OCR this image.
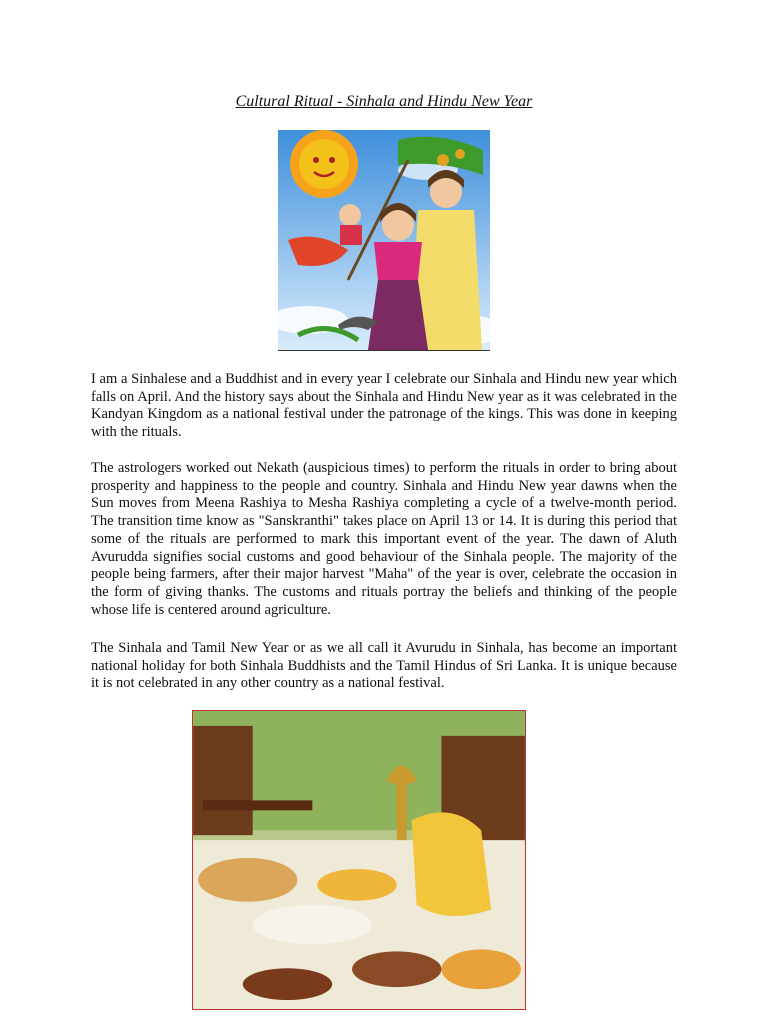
Cultural Ritual - Sinhala and Hindu New Year

I am a Sinhalese and a Buddhist and in every year I celebrate our Sinhala and Hindu new year which falls on April. And the history says about the Sinhala and Hindu New year as it was celebrated in the Kandyan Kingdom as a national festival under the patronage of the kings. This was done in keeping with the rituals.

The astrologers worked out Nekath (auspicious times) to perform the rituals in order to bring about prosperity and happiness to the people and country. Sinhala and Hindu New year dawns when the Sun moves from Meena Rashiya to Mesha Rashiya completing a cycle of a twelve-month period. The transition time know as "Sanskranthi" takes place on April 13 or 14. It is during this period that some of the rituals are performed to mark this important event of the year. The dawn of Aluth Avurudda signifies social customs and good behaviour of the Sinhala people. The majority of the people being farmers, after their major harvest "Maha" of the year is over, celebrate the occasion in the form of giving thanks. The customs and rituals portray the beliefs and thinking of the people whose life is centered around agriculture.

The Sinhala and Tamil New Year or as we all call it Avurudu in Sinhala, has become an important national holiday for both Sinhala Buddhists and the Tamil Hindus of Sri Lanka. It is unique because it is not celebrated in any other country as a national festival.
